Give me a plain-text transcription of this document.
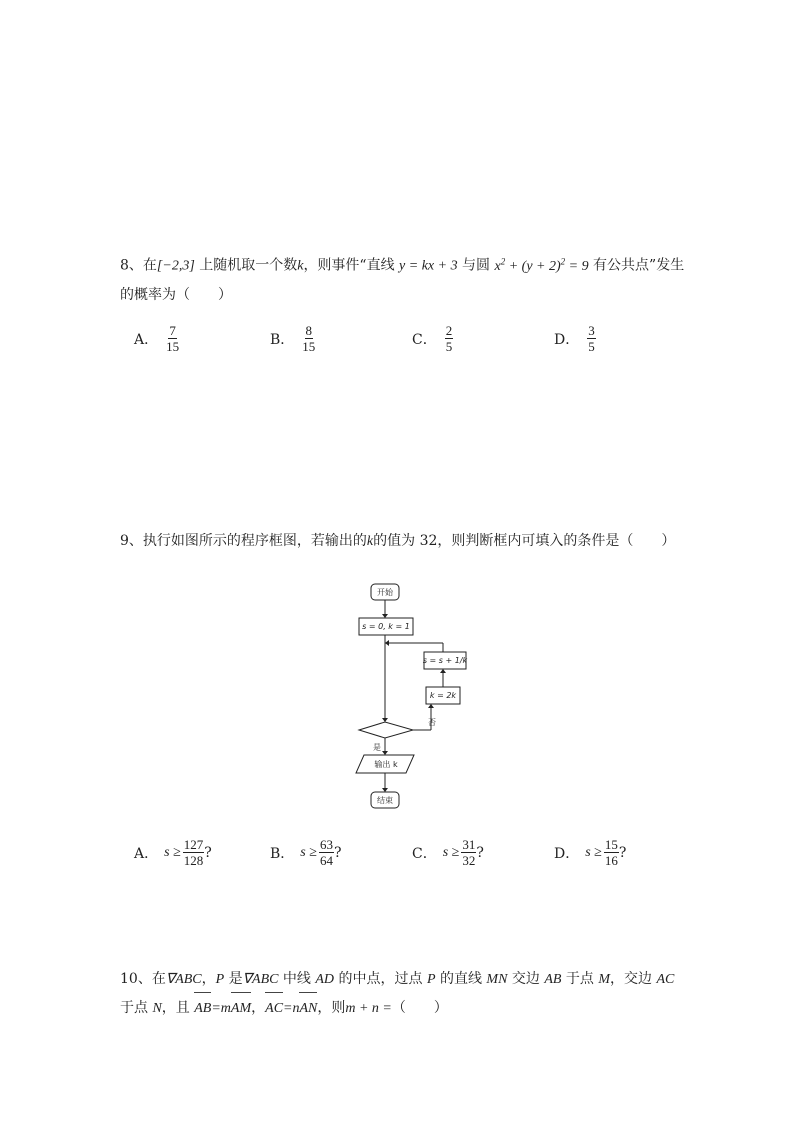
8、在[−2,3] 上随机取一个数k，则事件“直线 y = kx + 3 与圆 $x^2 + (y + 2)^2 = 9$ 有公共点”发生
的概率为（　　）
A． $\frac{7}{15}$	B． $\frac{8}{15}$	C． $\frac{2}{5}$	D． $\frac{3}{5}$
9、执行如图所示的程序框图，若输出的k的值为 32，则判断框内可填入的条件是（　　）
开始
s = 0, k = 1
s = s + 1/k
k = 2k
否
是
输出 k
结束
A． $s \ge \frac{127}{128}$ ?	B． $s \ge \frac{63}{64}$ ?	C． $s \ge \frac{31}{32}$ ?	D． $s \ge \frac{15}{16}$ ?
10、在∇ABC，P 是∇ABC 中线 AD 的中点，过点 P 的直线 MN 交边 AB 于点 M，交边 AC
于点 N，且 AB=mAM，AC=nAN，则m + n =（　　）
